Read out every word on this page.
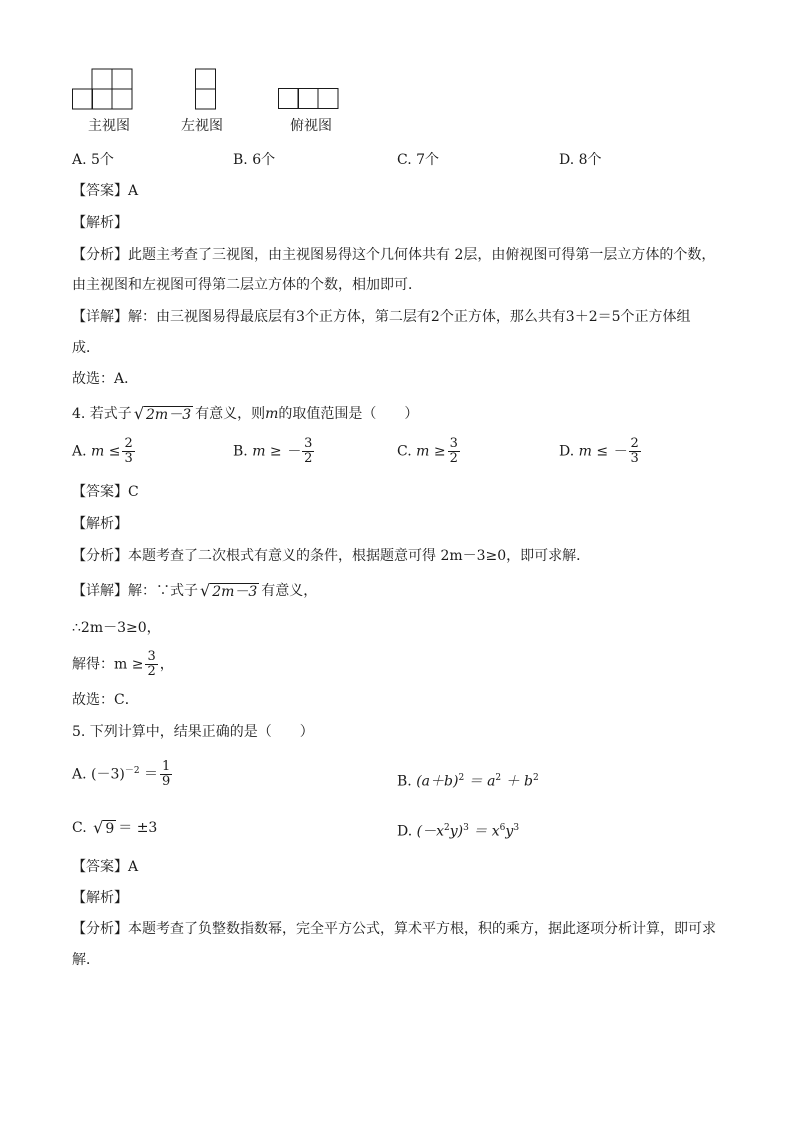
主视图	左视图	俯视图
A. 5个	B. 6个	C. 7个	D. 8个
【答案】A
【解析】
【分析】此题主考查了三视图，由主视图易得这个几何体共有 2层，由俯视图可得第一层立方体的个数，
由主视图和左视图可得第二层立方体的个数，相加即可．
【详解】解：由三视图易得最底层有3个正方体，第二层有2个正方体，那么共有3＋2＝5个正方体组
成．
故选：A．
4. 若式子 √ 2m－3 有意义，则m的取值范围是（　　）
A. $m \le \frac{2}{3}$	B. m ≥ － $\frac{3}{2}$	C. $m \ge \frac{3}{2}$	D. m ≤ － $\frac{2}{3}$
【答案】C
【解析】
【分析】本题考查了二次根式有意义的条件，根据题意可得 2m－3≥0，即可求解．
【详解】解：∵式子 √ 2m－3 有意义，
∴2m－3≥0，
解得：$m \ge \frac{3}{2}$ ，
故选：C．
5. 下列计算中，结果正确的是（　　）
A. $(-3)^{-2} = \frac{1}{9}$	B. $(a+b)^2 = a^2 + b^2$
C. √ 9 ＝ ±3	D. $(-x^2y)^3 = x^6y^3$
【答案】A
【解析】
【分析】本题考查了负整数指数幂，完全平方公式，算术平方根，积的乘方，据此逐项分析计算，即可求
解．
